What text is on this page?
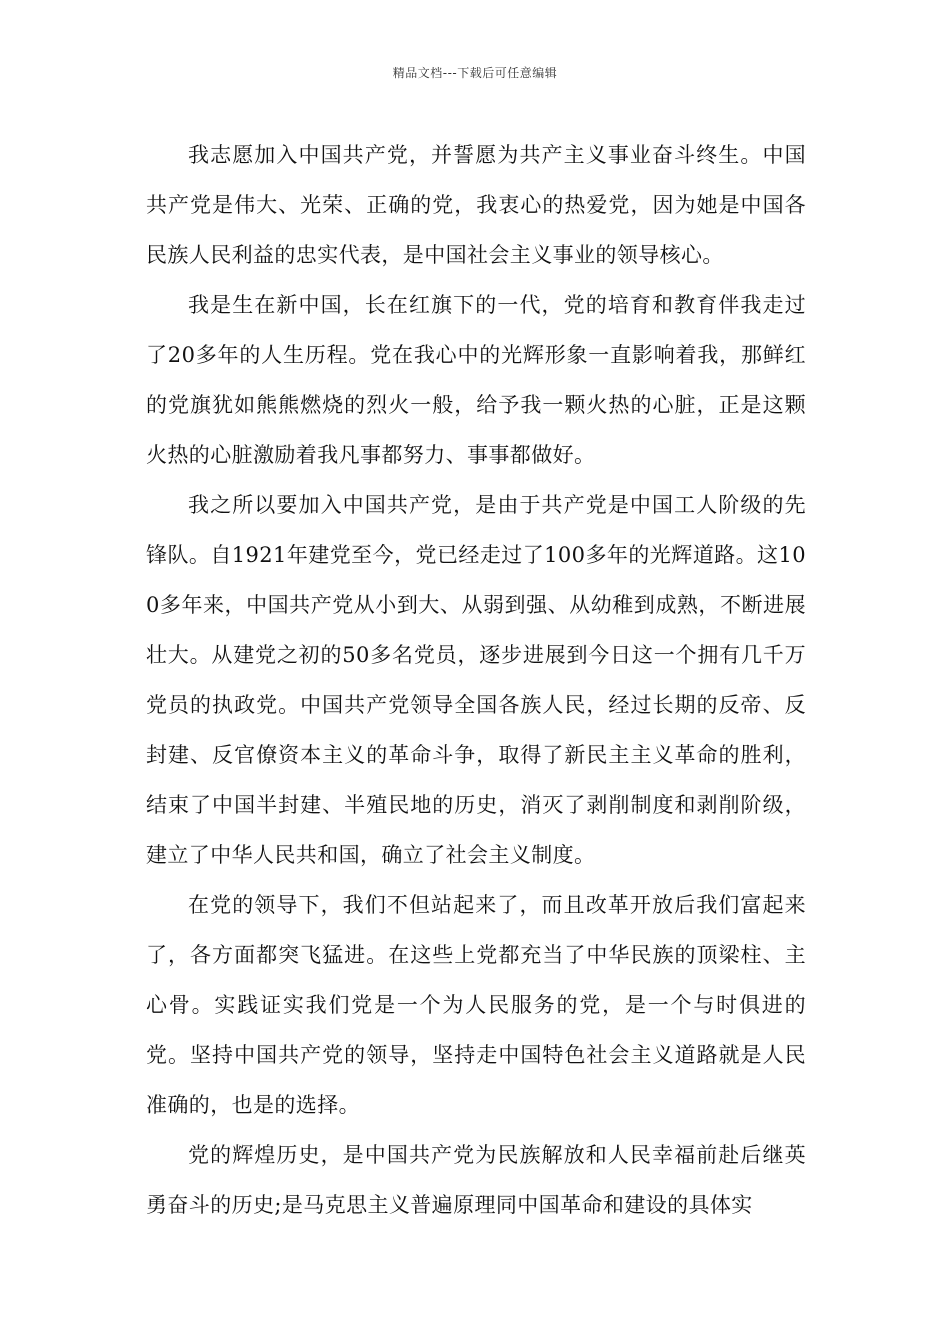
精品文档---下载后可任意编辑

我志愿加入中国共产党，并誓愿为共产主义事业奋斗终生。中国共产党是伟大、光荣、正确的党，我衷心的热爱党，因为她是中国各民族人民利益的忠实代表，是中国社会主义事业的领导核心。

我是生在新中国，长在红旗下的一代，党的培育和教育伴我走过了20多年的人生历程。党在我心中的光辉形象一直影响着我，那鲜红的党旗犹如熊熊燃烧的烈火一般，给予我一颗火热的心脏，正是这颗火热的心脏激励着我凡事都努力、事事都做好。

我之所以要加入中国共产党，是由于共产党是中国工人阶级的先锋队。自1921年建党至今，党已经走过了100多年的光辉道路。这100多年来，中国共产党从小到大、从弱到强、从幼稚到成熟，不断进展壮大。从建党之初的50多名党员，逐步进展到今日这一个拥有几千万党员的执政党。中国共产党领导全国各族人民，经过长期的反帝、反封建、反官僚资本主义的革命斗争，取得了新民主主义革命的胜利，结束了中国半封建、半殖民地的历史，消灭了剥削制度和剥削阶级，建立了中华人民共和国，确立了社会主义制度。

在党的领导下，我们不但站起来了，而且改革开放后我们富起来了，各方面都突飞猛进。在这些上党都充当了中华民族的顶梁柱、主心骨。实践证实我们党是一个为人民服务的党，是一个与时俱进的党。坚持中国共产党的领导，坚持走中国特色社会主义道路就是人民准确的，也是的选择。

党的辉煌历史，是中国共产党为民族解放和人民幸福前赴后继英勇奋斗的历史;是马克思主义普遍原理同中国革命和建设的具体实
